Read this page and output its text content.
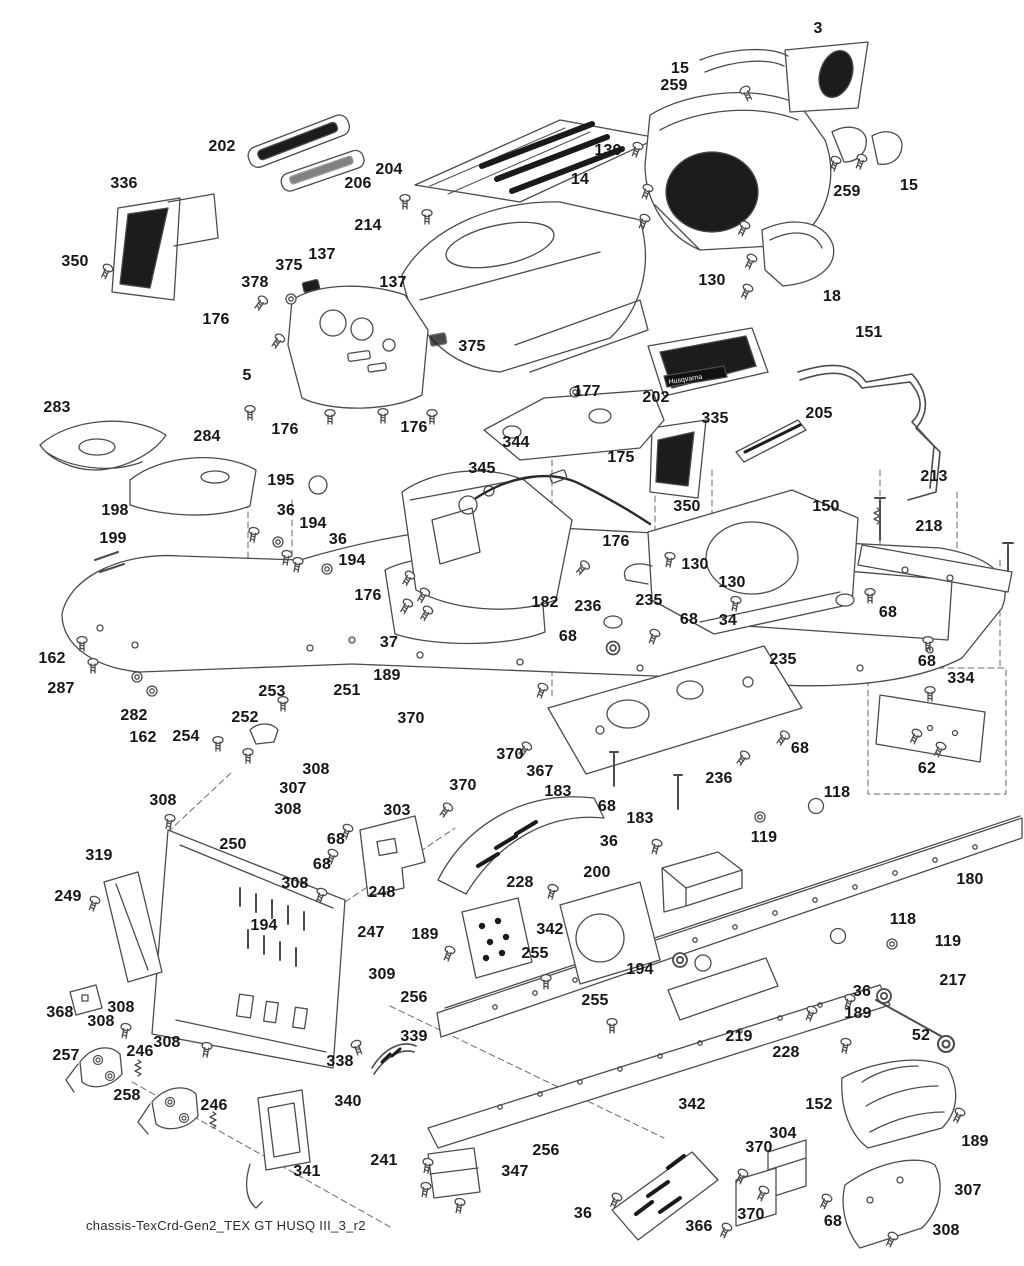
Husqvarna
202
206
204
214
336
350
14
130
15
259
3
259 15
130
18
137
375
378
176
137
5
375
176	176
177	202
175
151
335	205
344
345
283
284
195
198
199
36
194
36
194
176
37
162
287
282
162 254
253
252
251
176
182 236 235
68
68 34
235
350	150
130
130
213
218
68
68
334
62
236
68
189
370
370
367
370	183
68
183
36
200
228
342
118
119
180
118
119
308
308
307
308
68
68
250
319
249
308
194
248
247 189
309
303
308
308
368
257	246
258
246
308
256
339
338
340
241
347
256
341
255
255
194
36
366
370
370
304
68
307
308
342	152
189
219
228
36
189
52
217
chassis-TexCrd-Gen2_TEX GT HUSQ III_3_r2
